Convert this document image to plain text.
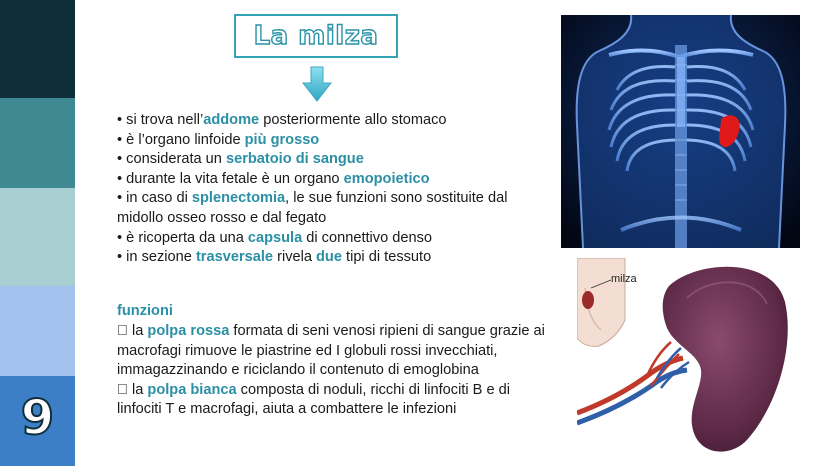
9
La milza
• si trova nell’addome posteriormente allo stomaco
• è l’organo linfoide più grosso
• considerata un serbatoio di sangue
• durante la vita fetale è un organo emopoietico
• in caso di splenectomia, le sue funzioni sono sostituite dal midollo osseo rosso e dal fegato
• è ricoperta da una capsula di connettivo denso
• in sezione trasversale rivela due tipi di tessuto
funzioni
la polpa rossa formata di seni venosi ripieni di sangue grazie ai macrofagi rimuove le piastrine ed I globuli rossi invecchiati, immagazzinando e riciclando il contenuto di emoglobina
la polpa bianca composta di noduli, ricchi di linfociti B e di linfociti T e macrofagi, aiuta a combattere le infezioni
milza
